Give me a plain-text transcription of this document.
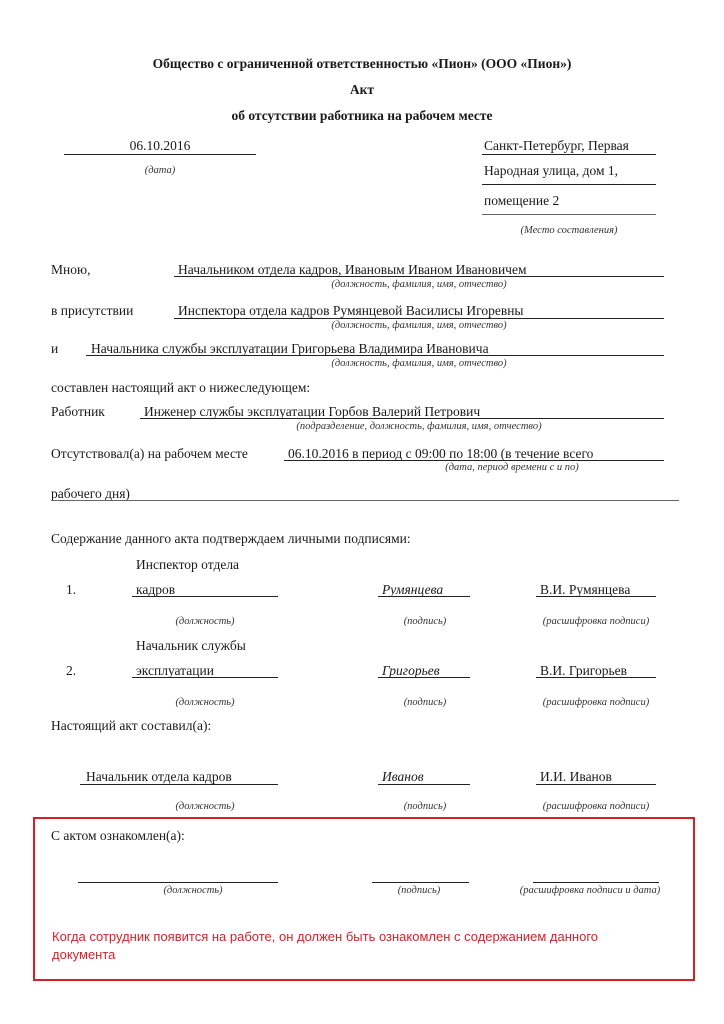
Общество с ограниченной ответственностью «Пион» (ООО «Пион»)
Акт
об отсутствии работника на рабочем месте
06.10.2016
(дата)
Санкт-Петербург, Первая
Народная улица, дом 1,
помещение 2
(Место составления)
Мною,	Начальником отдела кадров, Ивановым Иваном Ивановичем
(должность, фамилия, имя, отчество)
в присутствии	Инспектора отдела кадров Румянцевой Василисы Игоревны
(должность, фамилия, имя, отчество)
и Начальника службы эксплуатации Григорьева Владимира Ивановича
(должность, фамилия, имя, отчество)
составлен настоящий акт о нижеследующем:
Работник	Инженер службы эксплуатации Горбов Валерий Петрович
(подразделение, должность, фамилия, имя, отчество)
Отсутствовал(а) на рабочем месте	06.10.2016 в период с 09:00 по 18:00 (в течение всего
(дата, период времени с и по)
рабочего дня)
Содержание данного акта подтверждаем личными подписями:
Инспектор отдела
1.	кадров	Румянцева	В.И. Румянцева
(должность)	(подпись)	(расшифровка подписи)
Начальник службы
2.	эксплуатации	Григорьев	В.И. Григорьев
(должность)	(подпись)	(расшифровка подписи)
Настоящий акт составил(а):
Начальник отдела кадров	Иванов	И.И. Иванов
(должность)	(подпись)	(расшифровка подписи)
С актом ознакомлен(а):
(должность)	(подпись)	(расшифровка подписи и дата)
Когда сотрудник появится на работе, он должен быть ознакомлен с содержанием данного документа
